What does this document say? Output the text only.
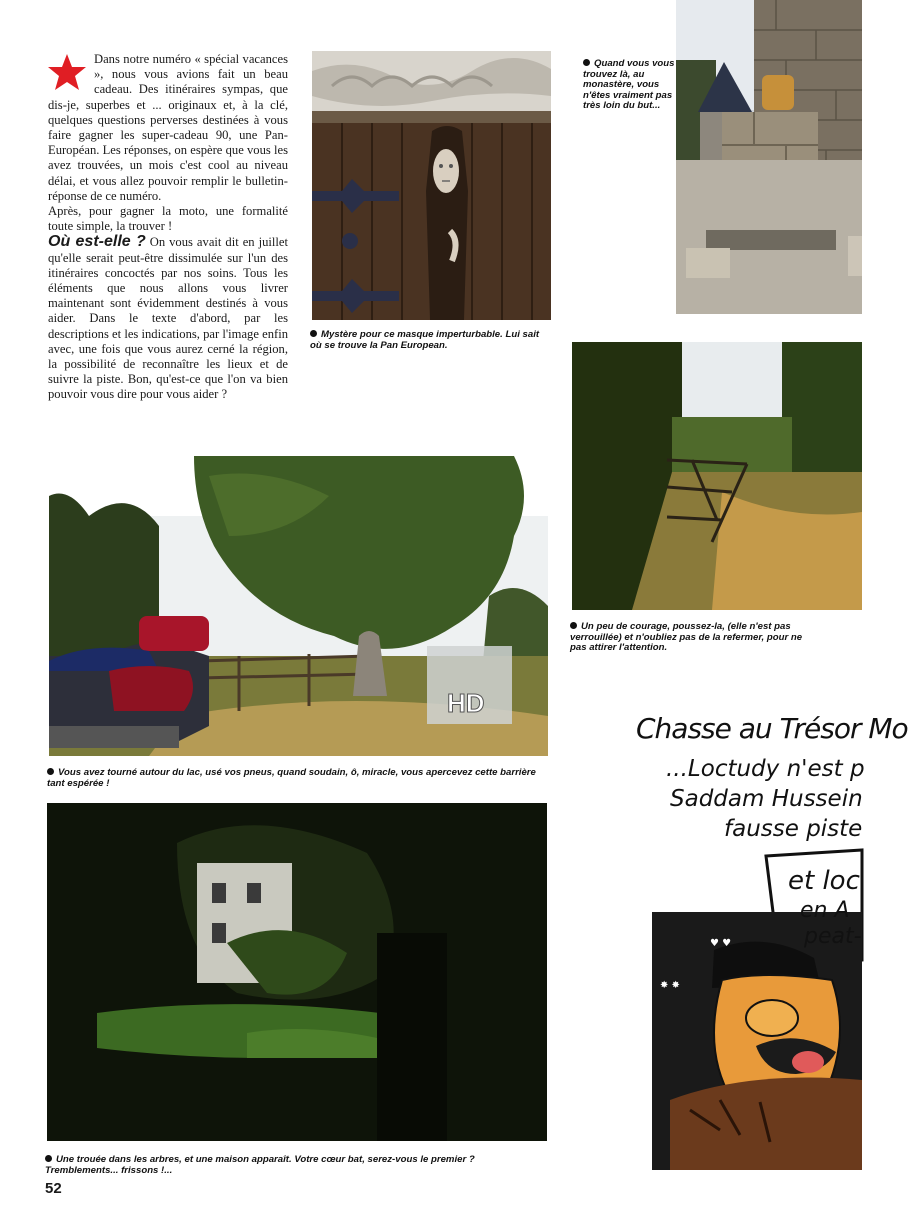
Dans notre numéro « spécial vacances », nous vous avions fait un beau cadeau. Des itinéraires sympas, que dis-je, superbes et ... originaux et, à la clé, quelques questions perverses destinées à vous faire gagner les super-cadeau 90, une Pan-Européan. Les réponses, on espère que vous les avez trouvées, un mois c'est cool au niveau délai, et vous allez pouvoir remplir le bulletin-réponse de ce numéro.

Après, pour gagner la moto, une formalité toute simple, la trouver !

Où est-elle ? On vous avait dit en juillet qu'elle serait peut-être dissimulée sur l'un des itinéraires concoctés par nos soins. Tous les éléments que nous allons vous livrer maintenant sont évidemment destinés à vous aider. Dans le texte d'abord, par les descriptions et les indications, par l'image enfin avec, une fois que vous aurez cerné la région, la possibilité de reconnaître les lieux et de suivre la piste. Bon, qu'est-ce que l'on va bien pouvoir vous dire pour vous aider ?

Mystère pour ce masque imperturbable. Lui sait où se trouve la Pan European.
Quand vous vous trouvez là, au monastère, vous n'êtes vraiment pas très loin du but...
Un peu de courage, poussez-la, (elle n'est pas verrouillée) et n'oubliez pas de la refermer, pour ne pas attirer l'attention.
HD
Vous avez tourné autour du lac, usé vos pneus, quand soudain, ô, miracle, vous apercevez cette barrière tant espérée !
Une trouée dans les arbres, et une maison apparaît. Votre cœur bat, serez-vous le premier ? Tremblements... frissons !...
52
Chasse au Trésor Mo
...Loctudy n'est p
Saddam Hussein
fausse piste
♥ ♥
✸ ✸
et loc
en A
peat-
